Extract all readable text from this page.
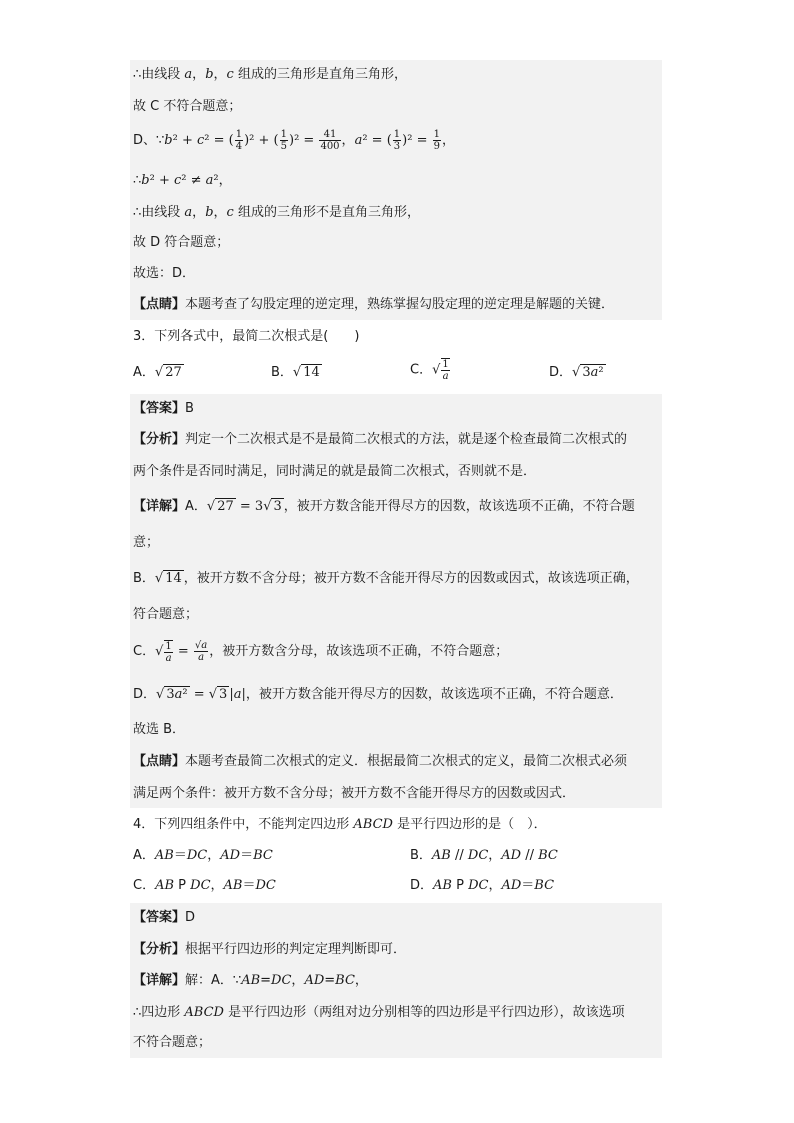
∴由线段 a，b，c 组成的三角形是直角三角形，
故 C 不符合题意；
D、∵b² + c² = ( $\frac{1}{4} )^2$ + ( $\frac{1}{5} )^2 = \frac{41}{400}$ ，a² = ( $\frac{1}{3} )^2 = \frac{1}{9}$ ，
∴b² + c² ≠ a²，
∴由线段 a，b，c 组成的三角形不是直角三角形，
故 D 符合题意；
故选：D．
【点睛】本题考查了勾股定理的逆定理，熟练掌握勾股定理的逆定理是解题的关键．
3．下列各式中，最简二次根式是(　　)
A．√ 27	B．√ 14	C．√ $\frac{1}{a}$	D．√ 3a²
【答案】B
【分析】判定一个二次根式是不是最简二次根式的方法，就是逐个检查最简二次根式的
两个条件是否同时满足，同时满足的就是最简二次根式，否则就不是．
【详解】A．√ 27 = 3√ 3 ，被开方数含能开得尽方的因数，故该选项不正确，不符合题
意；
B．√ 14 ，被开方数不含分母；被开方数不含能开得尽方的因数或因式，故该选项正确，
符合题意；
C．√ $\frac{1}{a} = \frac{√a}{a}$ ，被开方数含分母，故该选项不正确，不符合题意；
D．√ 3a² = √ 3 |a|，被开方数含能开得尽方的因数，故该选项不正确，不符合题意．
故选 B．
【点睛】本题考查最简二次根式的定义．根据最简二次根式的定义，最简二次根式必须
满足两个条件：被开方数不含分母；被开方数不含能开得尽方的因数或因式．
4．下列四组条件中，不能判定四边形 ABCD 是平行四边形的是（　）．
A．AB＝DC，AD＝BC	B．AB // DC，AD // BC
C．AB P DC，AB＝DC	D．AB P DC，AD＝BC
【答案】D
【分析】根据平行四边形的判定定理判断即可．
【详解】解：A．∵AB=DC，AD=BC，
∴四边形 ABCD 是平行四边形（两组对边分别相等的四边形是平行四边形），故该选项
不符合题意；
